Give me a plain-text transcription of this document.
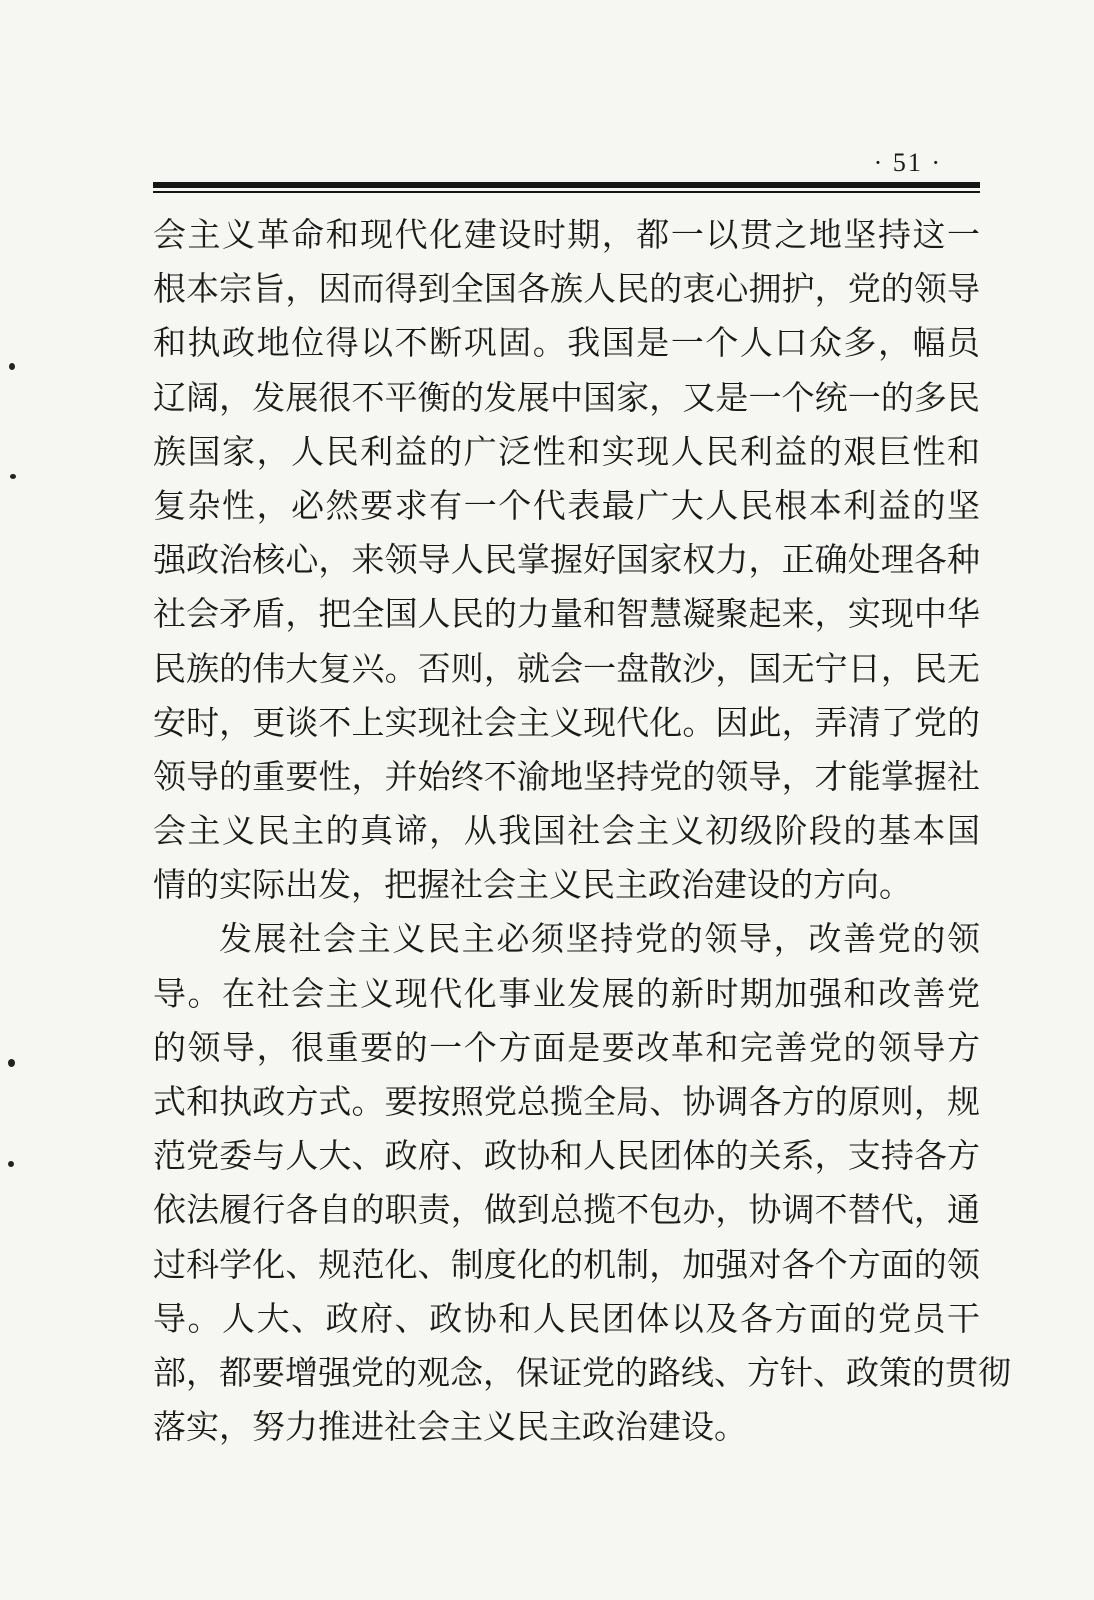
· 51 ·
会主义革命和现代化建设时期，都一以贯之地坚持这一
根本宗旨，因而得到全国各族人民的衷心拥护，党的领导
和执政地位得以不断巩固。我国是一个人口众多，幅员
辽阔，发展很不平衡的发展中国家，又是一个统一的多民
族国家，人民利益的广泛性和实现人民利益的艰巨性和
复杂性，必然要求有一个代表最广大人民根本利益的坚
强政治核心，来领导人民掌握好国家权力，正确处理各种
社会矛盾，把全国人民的力量和智慧凝聚起来，实现中华
民族的伟大复兴。否则，就会一盘散沙，国无宁日，民无
安时，更谈不上实现社会主义现代化。因此，弄清了党的
领导的重要性，并始终不渝地坚持党的领导，才能掌握社
会主义民主的真谛，从我国社会主义初级阶段的基本国
情的实际出发，把握社会主义民主政治建设的方向。
发展社会主义民主必须坚持党的领导，改善党的领
导。在社会主义现代化事业发展的新时期加强和改善党
的领导，很重要的一个方面是要改革和完善党的领导方
式和执政方式。要按照党总揽全局、协调各方的原则，规
范党委与人大、政府、政协和人民团体的关系，支持各方
依法履行各自的职责，做到总揽不包办，协调不替代，通
过科学化、规范化、制度化的机制，加强对各个方面的领
导。人大、政府、政协和人民团体以及各方面的党员干
部，都要增强党的观念，保证党的路线、方针、政策的贯彻
落实，努力推进社会主义民主政治建设。
